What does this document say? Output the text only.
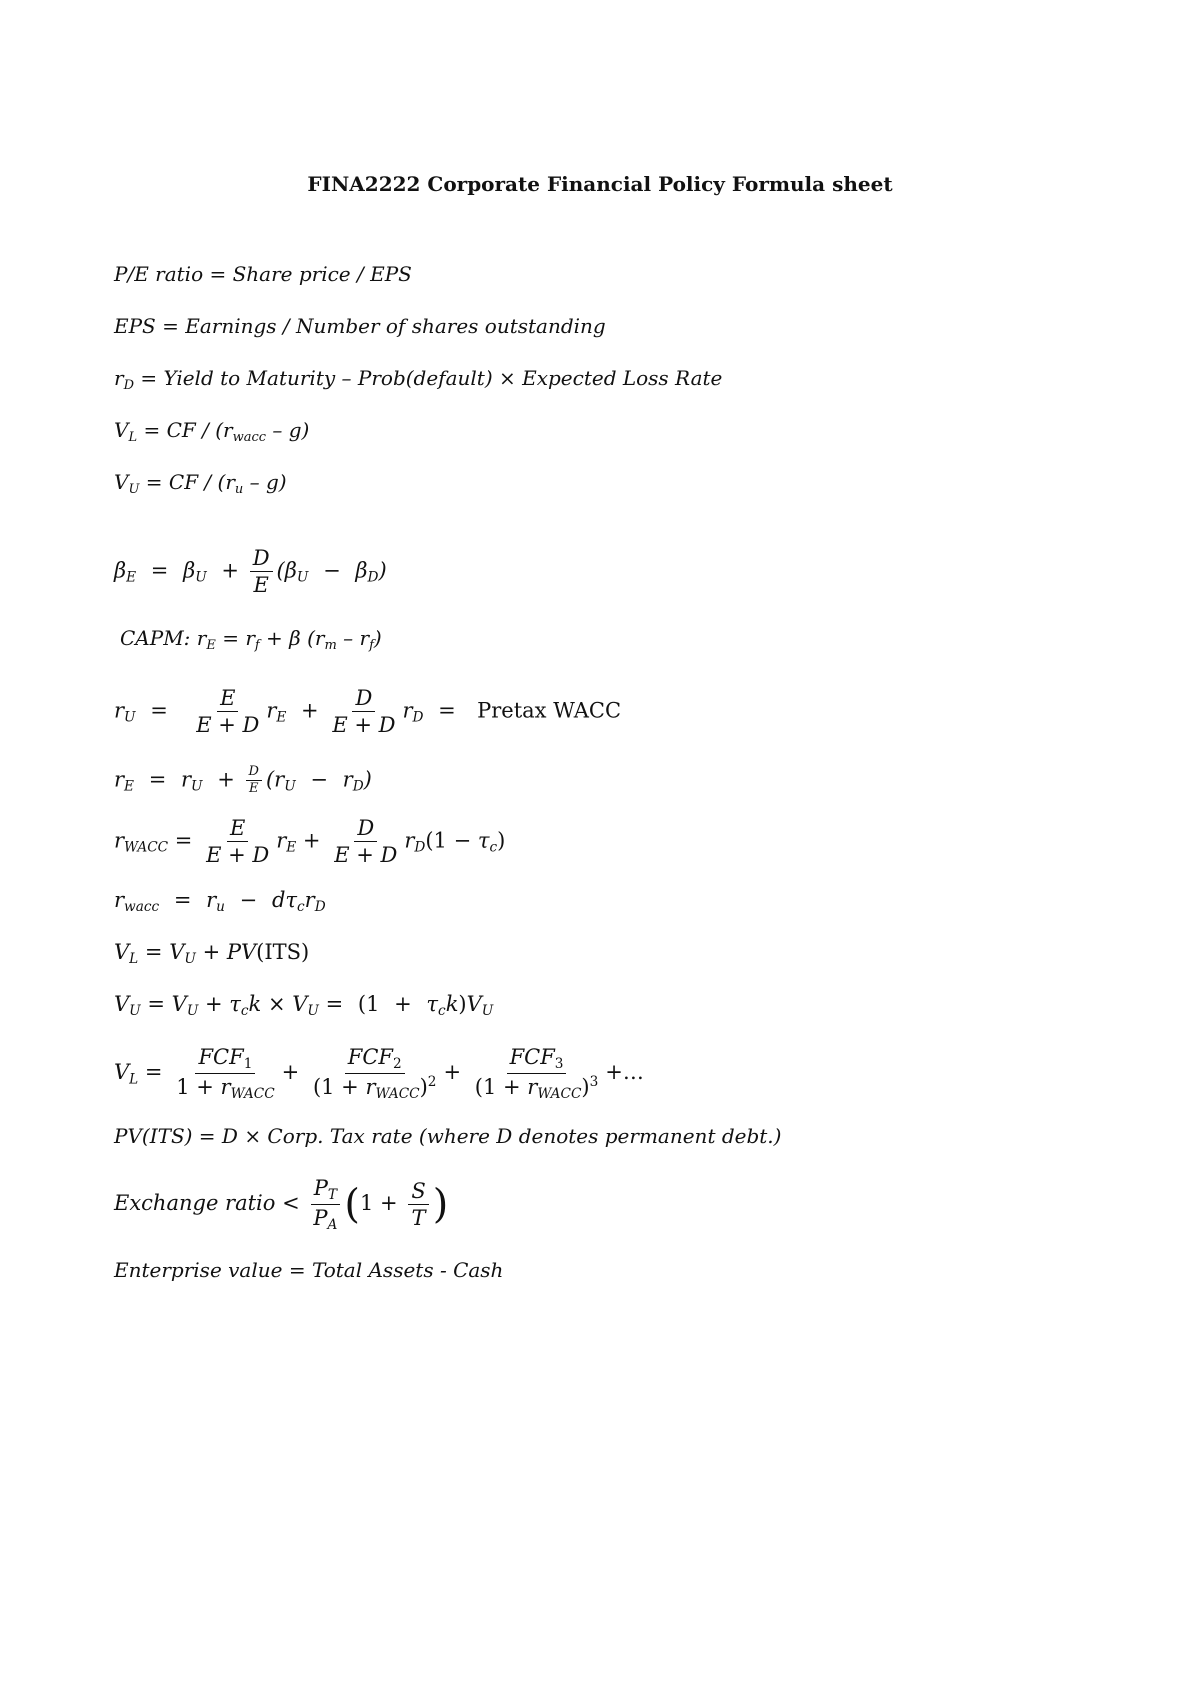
FINA2222 Corporate Financial Policy Formula sheet
P/E ratio = Share price / EPS
EPS = Earnings / Number of shares outstanding
$r_D$ = Yield to Maturity – Prob(default) × Expected Loss Rate
$V_L$ = CF / $(r_{wacc} - g)$
$V_U$ = CF / $(r_u - g)$
$\beta_E = \beta_U + \frac{D}{E} (\beta_U - \beta_D)$
CAPM: $r_E = r_f + \beta$ $(r_m - r_f)$
$r_U = \frac{E}{E + D} r_E + \frac{D}{E + D} r_D$ =  Pretax WACC
$r_E = r_U + \frac{D}{E} (r_U - r_D)$
$r_{WACC} = \frac{E}{E + D} r_E + \frac{D}{E + D} r_D(1 - \tau_c)$
$r_{wacc} = r_u - d\tau_cr_D$
$V_L = V_U + PV(ITS)$
$V_U = V_U + \tau_ck \times V_U = (1 + \tau_ck)V_U$
$V_L = \frac{FCF_1}{1 + r_{WACC}} + \frac{FCF_2}{(1 + r_{WACC})^2} + \frac{FCF_3}{(1 + r_{WACC})^3}$ +…
PV(ITS) = D × Corp. Tax rate (where D denotes permanent debt.)
Exchange ratio < $\frac{P_T}{P_A} (1 + \frac{S}{T}$ )
Enterprise value = Total Assets - Cash
